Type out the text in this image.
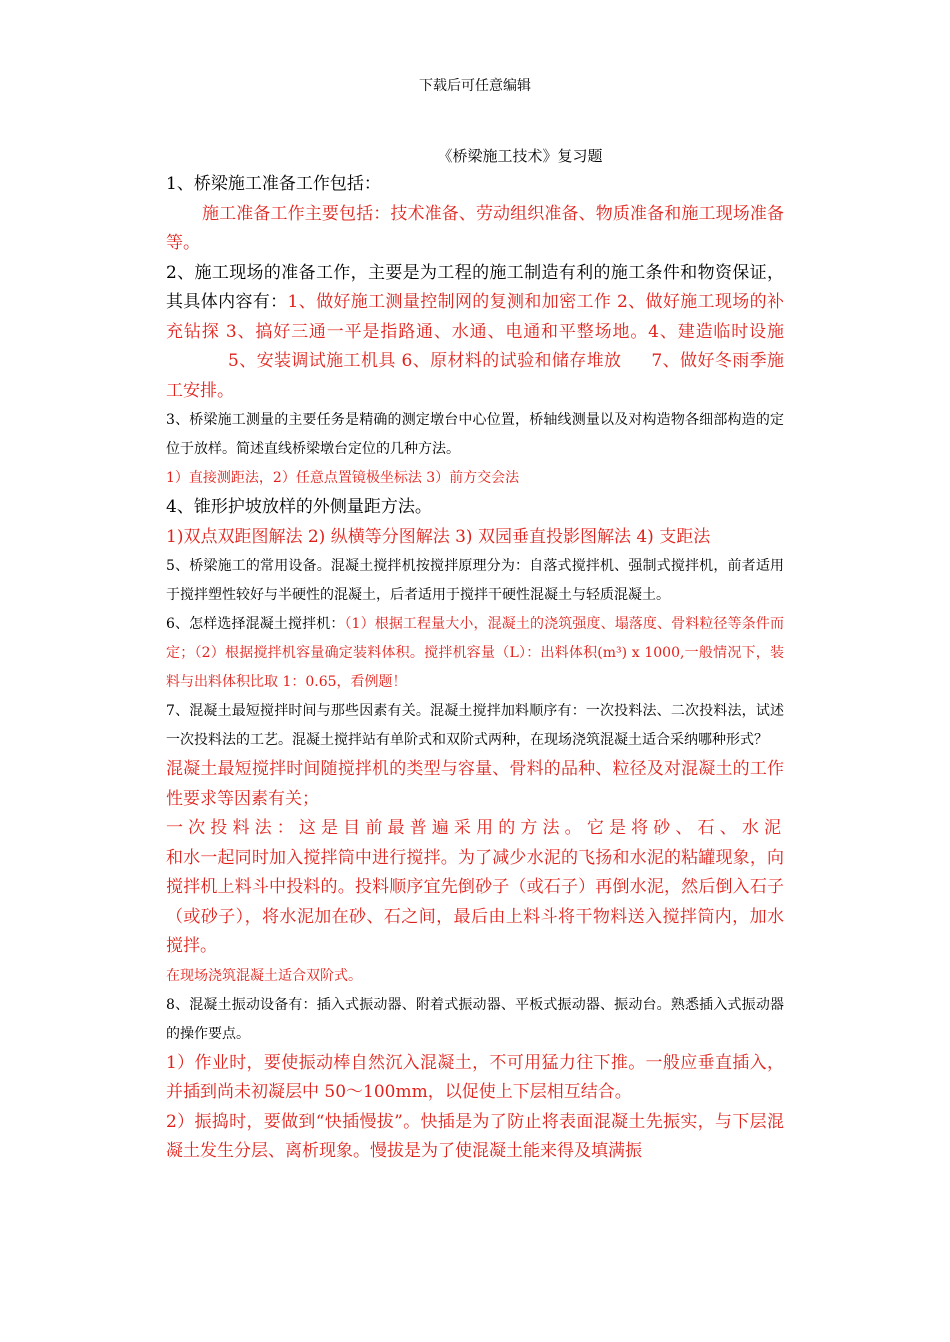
下载后可任意编辑
《桥梁施工技术》复习题

1、桥梁施工准备工作包括：

施工准备工作主要包括：技术准备、劳动组织准备、物质准备和施工现场准备等。

2、施工现场的准备工作，主要是为工程的施工制造有利的施工条件和物资保证，其具体内容有：1、做好施工测量控制网的复测和加密工作 2、做好施工现场的补充钻探 3、搞好三通一平是指路通、水通、电通和平整场地。4、建造临时设施5、安装调试施工机具 6、原材料的试验和储存堆放 7、做好冬雨季施工安排。

3、桥梁施工测量的主要任务是精确的测定墩台中心位置，桥轴线测量以及对构造物各细部构造的定位于放样。简述直线桥梁墩台定位的几种方法。

1）直接测距法，2）任意点置镜极坐标法 3）前方交会法

4、锥形护坡放样的外侧量距方法。

1)双点双距图解法 2) 纵横等分图解法 3) 双园垂直投影图解法 4) 支距法

5、桥梁施工的常用设备。混凝土搅拌机按搅拌原理分为：自落式搅拌机、强制式搅拌机，前者适用于搅拌塑性较好与半硬性的混凝土，后者适用于搅拌干硬性混凝土与轻质混凝土。

6、怎样选择混凝土搅拌机：（1）根据工程量大小，混凝土的浇筑强度、塌落度、骨料粒径等条件而定；（2）根据搅拌机容量确定装料体积。搅拌机容量（L）：出料体积(m³) x 1000,一般情况下，装料与出料体积比取 1：0.65，看例题！

7、混凝土最短搅拌时间与那些因素有关。混凝土搅拌加料顺序有：一次投料法、二次投料法，试述一次投料法的工艺。混凝土搅拌站有单阶式和双阶式两种，在现场浇筑混凝土适合采纳哪种形式？

混凝土最短搅拌时间随搅拌机的类型与容量、骨料的品种、粒径及对混凝土的工作性要求等因素有关；

一次投料法：这是目前最普遍采用的方法。它是将砂、石、水泥

和水一起同时加入搅拌筒中进行搅拌。为了减少水泥的飞扬和水泥的粘罐现象，向搅拌机上料斗中投料的。投料顺序宜先倒砂子（或石子）再倒水泥，然后倒入石子（或砂子），将水泥加在砂、石之间，最后由上料斗将干物料送入搅拌筒内，加水搅拌。

在现场浇筑混凝土适合双阶式。

8、混凝土振动设备有：插入式振动器、附着式振动器、平板式振动器、振动台。熟悉插入式振动器的操作要点。

1）作业时，要使振动棒自然沉入混凝土，不可用猛力往下推。一般应垂直插入，并插到尚未初凝层中 50～100mm，以促使上下层相互结合。

2）振捣时，要做到“快插慢拔”。快插是为了防止将表面混凝土先振实，与下层混凝土发生分层、离析现象。慢拔是为了使混凝土能来得及填满振
